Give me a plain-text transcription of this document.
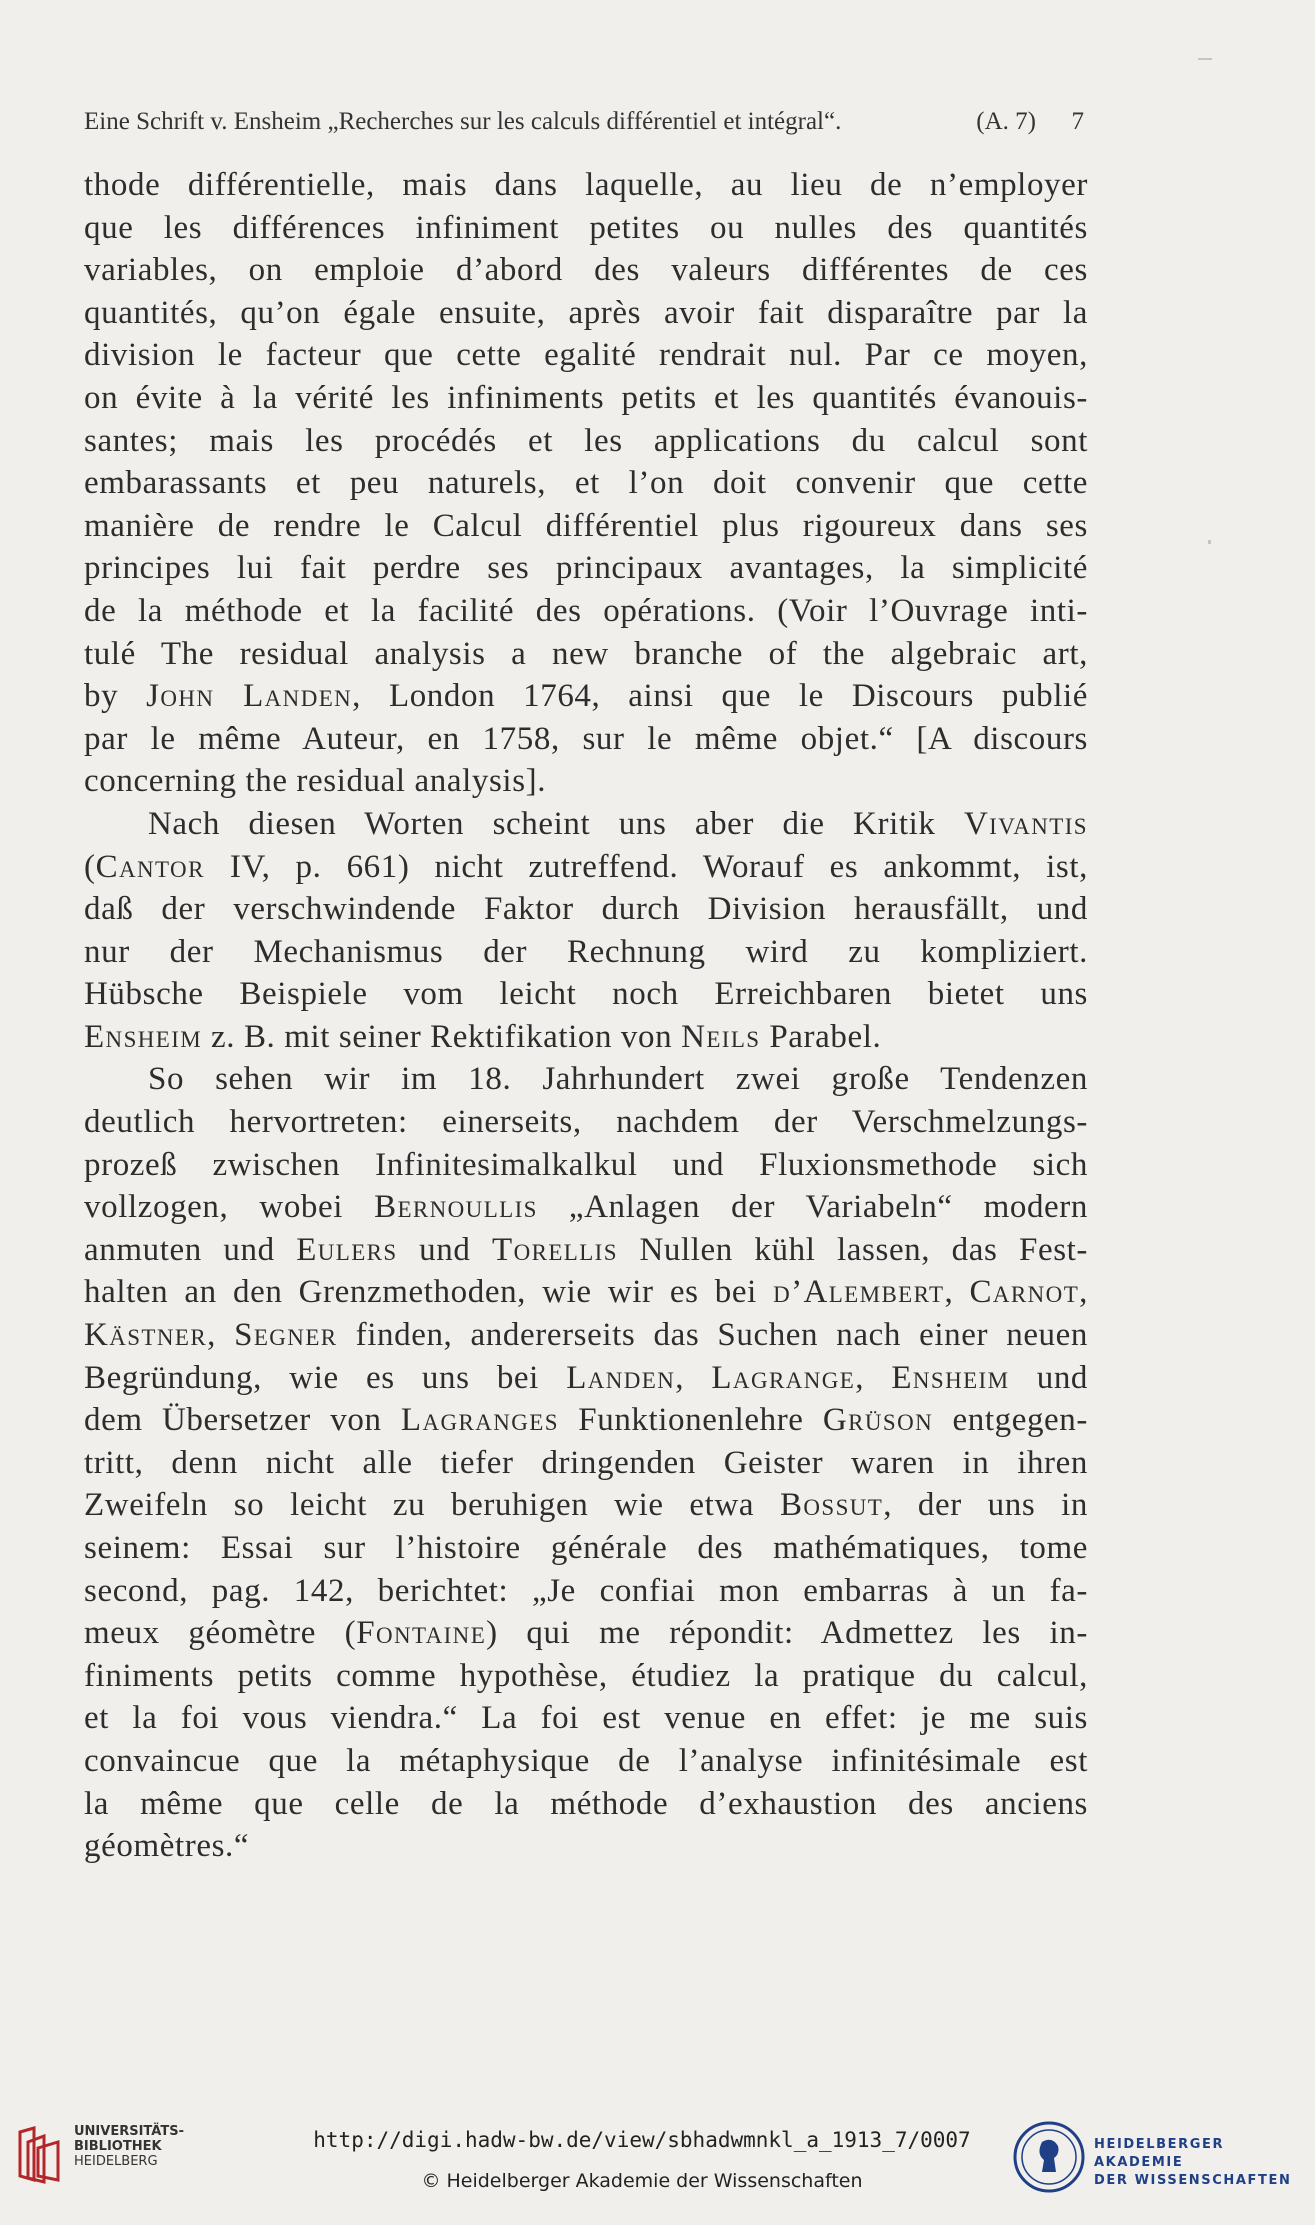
Eine Schrift v. Ensheim „Recherches sur les calculs différentiel et intégral“.	(A. 7) 7
thode différentielle, mais dans laquelle, au lieu de n’employer
que les différences infiniment petites ou nulles des quantités
variables, on emploie d’abord des valeurs différentes de ces
quantités, qu’on égale ensuite, après avoir fait disparaître par la
division le facteur que cette egalité rendrait nul. Par ce moyen,
on évite à la vérité les infiniments petits et les quantités évanouis-
santes; mais les procédés et les applications du calcul sont
embarassants et peu naturels, et l’on doit convenir que cette
manière de rendre le Calcul différentiel plus rigoureux dans ses
principes lui fait perdre ses principaux avantages, la simplicité
de la méthode et la facilité des opérations. (Voir l’Ouvrage inti-
tulé The residual analysis a new branche of the algebraic art,
by John Landen, London 1764, ainsi que le Discours publié
par le même Auteur, en 1758, sur le même objet.“ [A discours
concerning the residual analysis].
Nach diesen Worten scheint uns aber die Kritik Vivantis
(Cantor IV, p. 661) nicht zutreffend. Worauf es ankommt, ist,
daß der verschwindende Faktor durch Division herausfällt, und
nur der Mechanismus der Rechnung wird zu kompliziert.
Hübsche Beispiele vom leicht noch Erreichbaren bietet uns
Ensheim z. B. mit seiner Rektifikation von Neils Parabel.
So sehen wir im 18. Jahrhundert zwei große Tendenzen
deutlich hervortreten: einerseits, nachdem der Verschmelzungs-
prozeß zwischen Infinitesimalkalkul und Fluxionsmethode sich
vollzogen, wobei Bernoullis „Anlagen der Variabeln“ modern
anmuten und Eulers und Torellis Nullen kühl lassen, das Fest-
halten an den Grenzmethoden, wie wir es bei d’Alembert, Carnot,
Kästner, Segner finden, andererseits das Suchen nach einer neuen
Begründung, wie es uns bei Landen, Lagrange, Ensheim und
dem Übersetzer von Lagranges Funktionenlehre Grüson entgegen-
tritt, denn nicht alle tiefer dringenden Geister waren in ihren
Zweifeln so leicht zu beruhigen wie etwa Bossut, der uns in
seinem: Essai sur l’histoire générale des mathématiques, tome
second, pag. 142, berichtet: „Je confiai mon embarras à un fa-
meux géomètre (Fontaine) qui me répondit: Admettez les in-
finiments petits comme hypothèse, étudiez la pratique du calcul,
et la foi vous viendra.“ La foi est venue en effet: je me suis
convaincue que la métaphysique de l’analyse infinitésimale est
la même que celle de la méthode d’exhaustion des anciens
géomètres.“
UNIVERSITÄTS-
BIBLIOTHEK
HEIDELBERG
http://digi.hadw-bw.de/view/sbhadwmnkl_a_1913_7/0007
© Heidelberger Akademie der Wissenschaften
HEIDELBERGER AKADEMIE
DER WISSENSCHAFTEN
